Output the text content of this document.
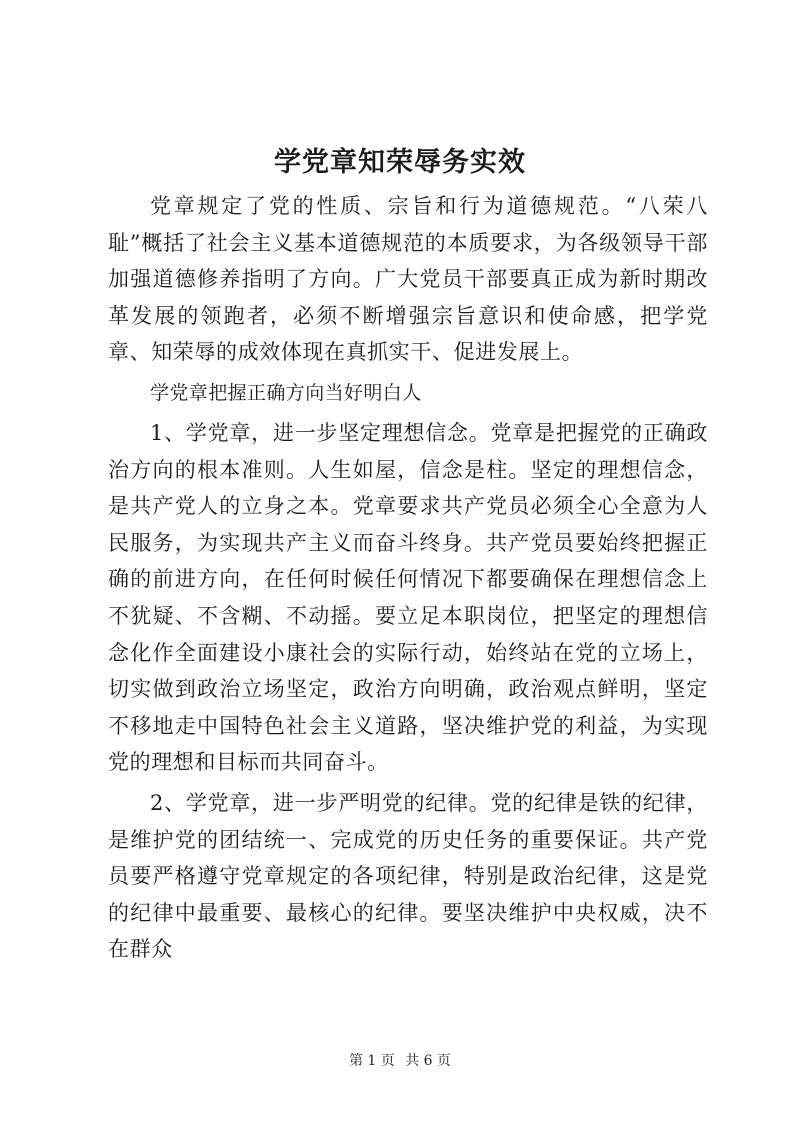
学党章知荣辱务实效

党章规定了党的性质、宗旨和行为道德规范。“八荣八耻”概括了社会主义基本道德规范的本质要求，为各级领导干部加强道德修养指明了方向。广大党员干部要真正成为新时期改革发展的领跑者，必须不断增强宗旨意识和使命感，把学党章、知荣辱的成效体现在真抓实干、促进发展上。

学党章把握正确方向当好明白人

1、学党章，进一步坚定理想信念。党章是把握党的正确政治方向的根本准则。人生如屋，信念是柱。坚定的理想信念，是共产党人的立身之本。党章要求共产党员必须全心全意为人民服务，为实现共产主义而奋斗终身。共产党员要始终把握正确的前进方向，在任何时候任何情况下都要确保在理想信念上不犹疑、不含糊、不动摇。要立足本职岗位，把坚定的理想信念化作全面建设小康社会的实际行动，始终站在党的立场上，切实做到政治立场坚定，政治方向明确，政治观点鲜明，坚定不移地走中国特色社会主义道路，坚决维护党的利益，为实现党的理想和目标而共同奋斗。

2、学党章，进一步严明党的纪律。党的纪律是铁的纪律，是维护党的团结统一、完成党的历史任务的重要保证。共产党员要严格遵守党章规定的各项纪律，特别是政治纪律，这是党的纪律中最重要、最核心的纪律。要坚决维护中央权威，决不在群众

第 1 页 共 6 页
